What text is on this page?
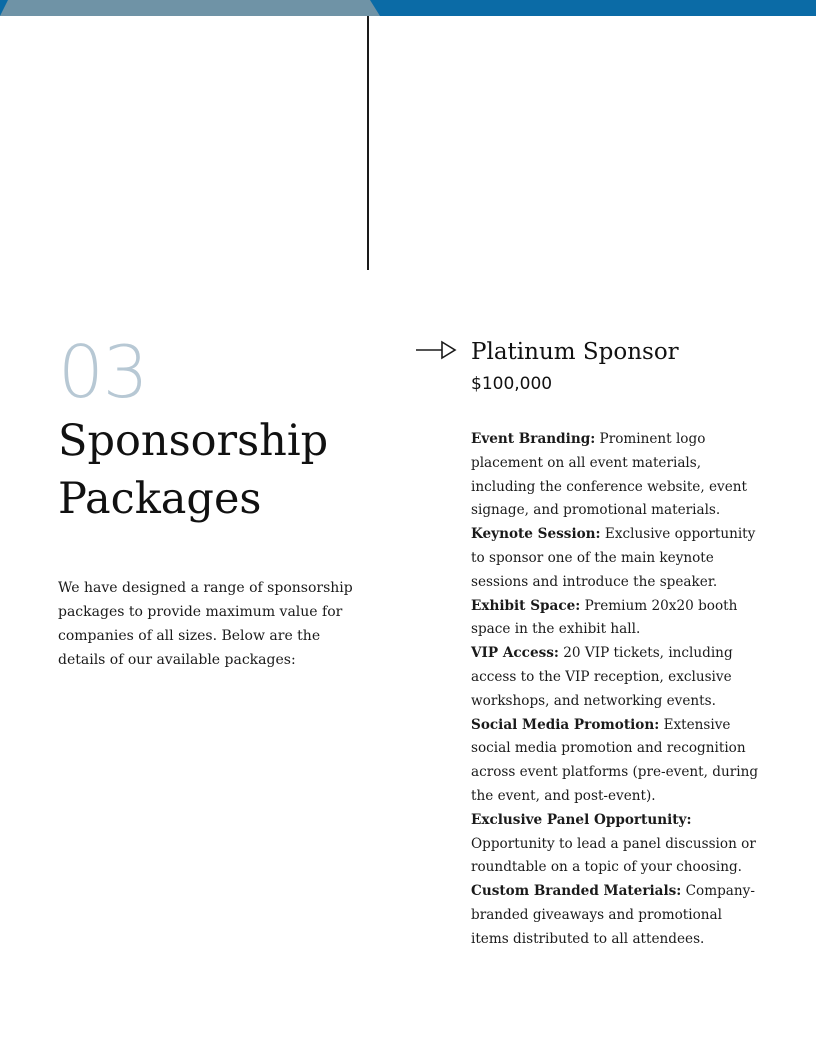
03
Sponsorship Packages

We have designed a range of sponsorship packages to provide maximum value for companies of all sizes. Below are the details of our available packages:

Platinum Sponsor
$100,000

Event Branding: Prominent logo placement on all event materials, including the conference website, event signage, and promotional materials.

Keynote Session: Exclusive opportunity to sponsor one of the main keynote sessions and introduce the speaker.

Exhibit Space: Premium 20x20 booth space in the exhibit hall.

VIP Access: 20 VIP tickets, including access to the VIP reception, exclusive workshops, and networking events.

Social Media Promotion: Extensive social media promotion and recognition across event platforms (pre-event, during the event, and post-event).

Exclusive Panel Opportunity: Opportunity to lead a panel discussion or roundtable on a topic of your choosing.

Custom Branded Materials: Company-branded giveaways and promotional items distributed to all attendees.
